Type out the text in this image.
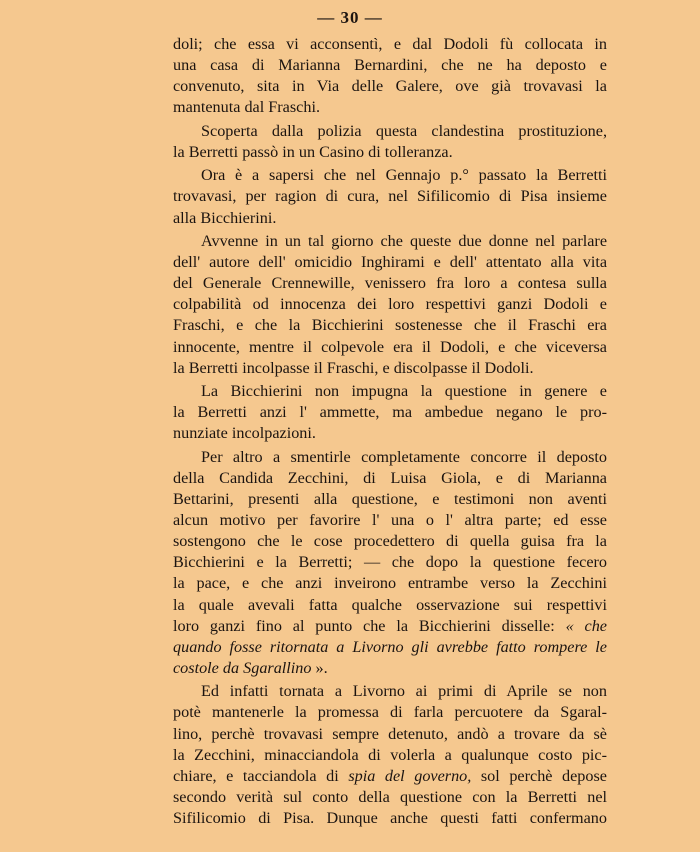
— 30 —
doli; che essa vi acconsentì, e dal Dodoli fù collocata in
una casa di Marianna Bernardini, che ne ha deposto e
convenuto, sita in Via delle Galere, ove già trovavasi la
mantenuta dal Fraschi.
Scoperta dalla polizia questa clandestina prostituzione,
la Berretti passò in un Casino di tolleranza.
Ora è a sapersi che nel Gennajo p.° passato la Berretti
trovavasi, per ragion di cura, nel Sifilicomio di Pisa insieme
alla Bicchierini.
Avvenne in un tal giorno che queste due donne nel parlare
dell' autore dell' omicidio Inghirami e dell' attentato alla vita
del Generale Crennewille, venissero fra loro a contesa sulla
colpabilità od innocenza dei loro respettivi ganzi Dodoli e
Fraschi, e che la Bicchierini sostenesse che il Fraschi era
innocente, mentre il colpevole era il Dodoli, e che viceversa
la Berretti incolpasse il Fraschi, e discolpasse il Dodoli.
La Bicchierini non impugna la questione in genere e
la Berretti anzi l' ammette, ma ambedue negano le pro-
nunziate incolpazioni.
Per altro a smentirle completamente concorre il deposto
della Candida Zecchini, di Luisa Giola, e di Marianna
Bettarini, presenti alla questione, e testimoni non aventi
alcun motivo per favorire l' una o l' altra parte; ed esse
sostengono che le cose procedettero di quella guisa fra la
Bicchierini e la Berretti; — che dopo la questione fecero
la pace, e che anzi inveirono entrambe verso la Zecchini
la quale avevali fatta qualche osservazione sui respettivi
loro ganzi fino al punto che la Bicchierini disselle: « che
quando fosse ritornata a Livorno gli avrebbe fatto rompere le
costole da Sgarallino ».
Ed infatti tornata a Livorno ai primi di Aprile se non
potè mantenerle la promessa di farla percuotere da Sgaral-
lino, perchè trovavasi sempre detenuto, andò a trovare da sè
la Zecchini, minacciandola di volerla a qualunque costo pic-
chiare, e tacciandola di spia del governo, sol perchè depose
secondo verità sul conto della questione con la Berretti nel
Sifilicomio di Pisa. Dunque anche questi fatti confermano
